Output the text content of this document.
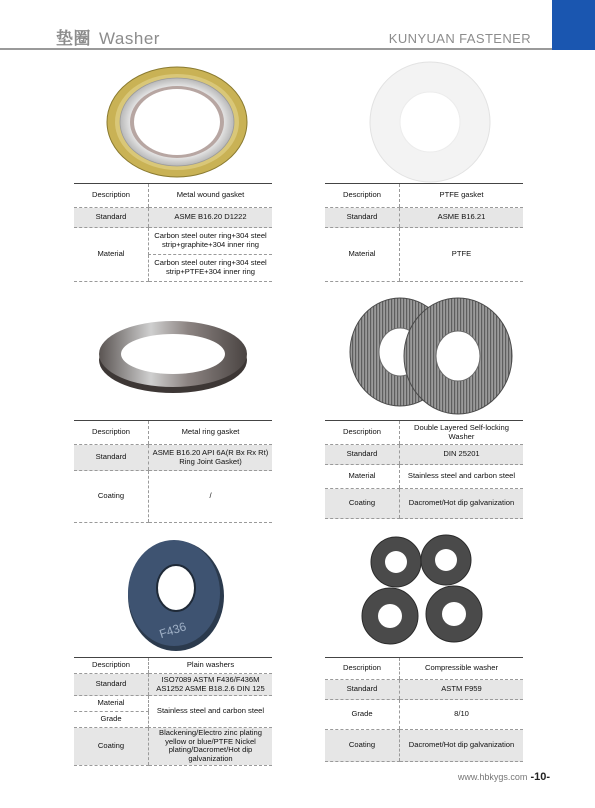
垫圈 Washer	KUNYUAN FASTENER
F436
Description	Metal wound gasket
Standard	ASME B16.20 D1222
Material	Carbon steel outer ring+304 steel strip+graphite+304 inner ring
	Carbon steel outer ring+304 steel strip+PTFE+304 inner ring
Description	PTFE gasket
Standard	ASME B16.21
Material	PTFE
Description	Metal ring gasket
Standard	ASME B16.20 API 6A(R Bx Rx Rt) Ring Joint Gasket)
Coating	/
Description	Double Layered Self-locking Washer
Standard	DIN 25201
Material	Stainless steel and carbon steel
Coating	Dacromet/Hot dip galvanization
Description	Plain washers
Standard	ISO7089 ASTM F436/F436M AS1252 ASME B18.2.6 DIN 125
Material	Stainless steel and carbon steel
Grade	
Coating	Blackening/Electro zinc plating yellow or blue/PTFE Nickel plating/Dacromet/Hot dip galvanization
Description	Compressible washer
Standard	ASTM F959
Grade	8/10
Coating	Dacromet/Hot dip galvanization
www.hbkygs.com -10-
